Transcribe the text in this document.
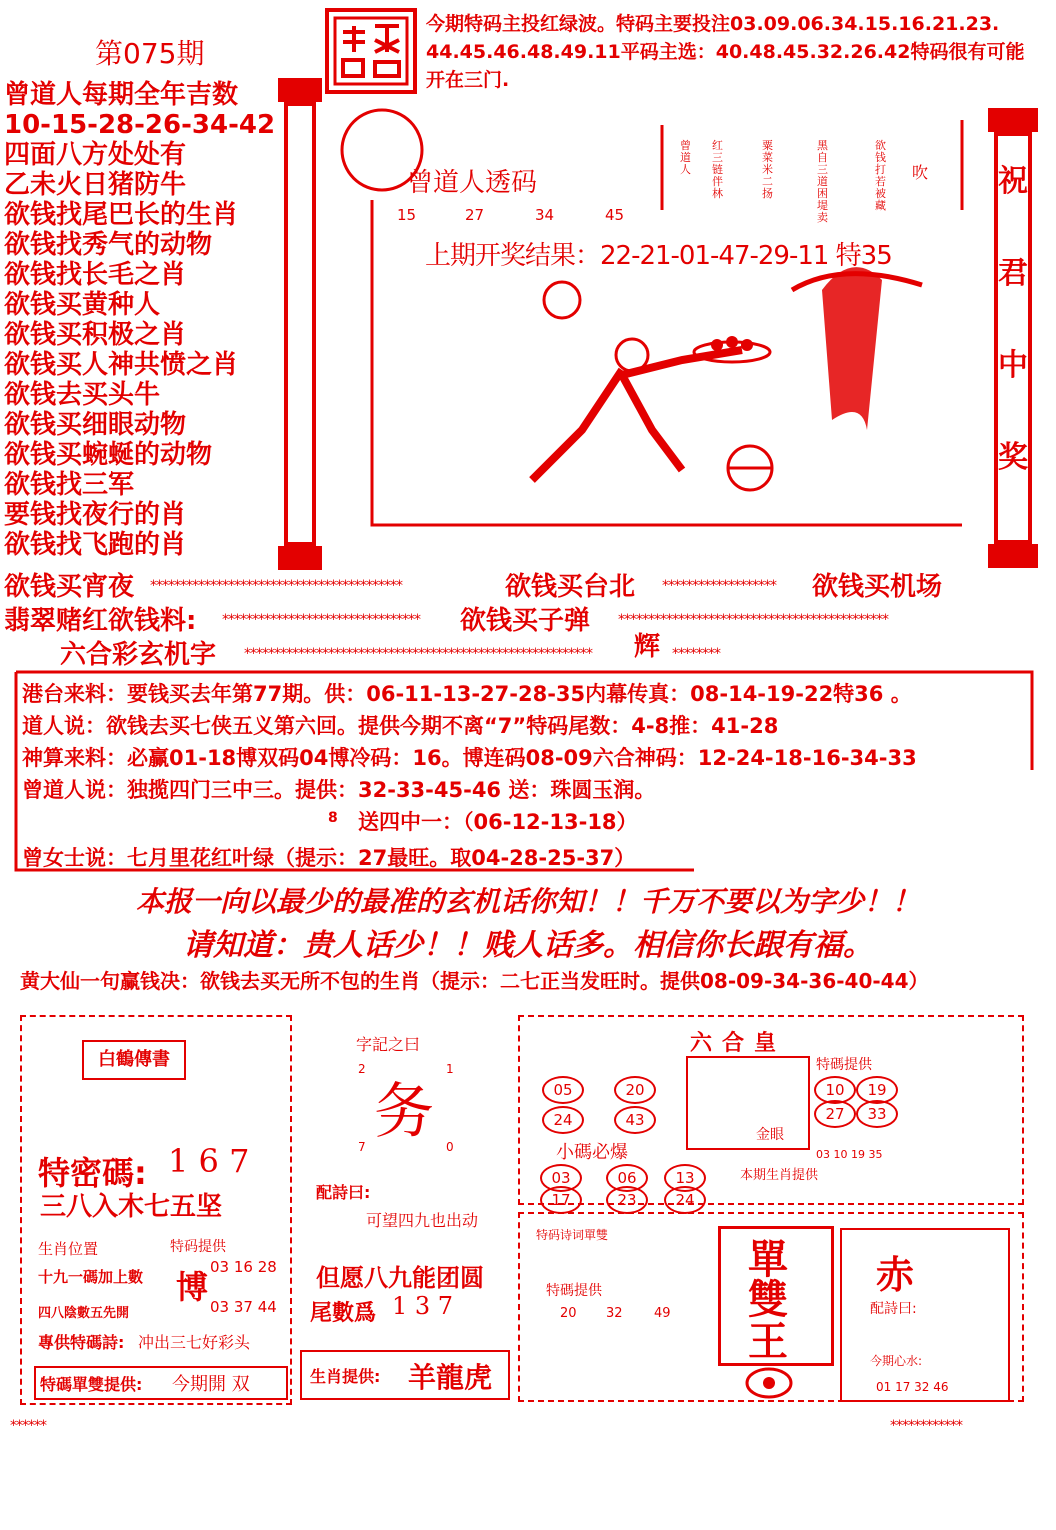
第075期
今期特码主投红绿波。特码主要投注03.09.06.34.15.16.21.23.
44.45.46.48.49.11平码主选：40.48.45.32.26.42特码很有可能
开在三门.
曾道人每期全年吉数
10-15-28-26-34-42
四面八方处处有
乙未火日猪防牛
欲钱找尾巴长的生肖
欲钱找秀气的动物
欲钱找长毛之肖
欲钱买黄种人
欲钱买积极之肖
欲钱买人神共愤之肖
欲钱去买头牛
欲钱买细眼动物
欲钱买蜿蜒的动物
欲钱找三军
要钱找夜行的肖
欲钱找飞跑的肖
曾道人透码
15	27	34	45
曾道人
红三链伴林
粟菜米二扬
黑自三道困堤卖
欲钱打若被藏
吹
上期开奖结果：22-21-01-47-29-11 特35
祝
君
中
奖
欲钱买宵夜 ******************************************	欲钱买台北 ******************* 欲钱买机场
翡翠赌红欲钱料: ********************************* 欲钱买子弹 *********************************************
六合彩玄机字 ********************************************************** 辉 ********
港台来料：要钱买去年第77期。供：06-11-13-27-28-35内幕传真：08-14-19-22特36 。
道人说：欲钱去买七侠五义第六回。提供今期不离“7”特码尾数：4-8推：41-28
神算来料：必赢01-18博双码04博冷码：16。博连码08-09六合神码：12-24-18-16-34-33
曾道人说：独揽四门三中三。提供：32-33-45-46 送：珠圆玉润。
8 送四中一：（06-12-13-18）
曾女士说：七月里花红叶绿（提示：27最旺。取04-28-25-37）
本报一向以最少的最准的玄机话你知！！千万不要以为字少！！
请知道：贵人话少！！贱人话多。相信你长跟有福。
黄大仙一句赢钱决：欲钱去买无所不包的生肖（提示：二七正当发旺时。提供08-09-34-36-40-44）
白鶴傳書
特密碼: 1 6 7
三八入木七五坚
生肖位置
十九一碼加上數
四八陰數五先開
特码提供
博
03 16 28
03 37 44
專供特碼詩: 冲出三七好彩头
特碼單雙提供: 今期開 双
字記之曰
2	1
7	0
务
配詩曰:
可望四九也出动
但愿八九能团圆
尾數爲 1 3 7
生肖提供: 羊龍虎
六合皇
05	20
24	43
小碼必爆
金眼
特碼提供
10	19
27	33
03 10 19 35
本期生肖提供
03	06	13
17	23	24
特码诗词單雙
特碼提供
20 32 49
單
雙
王
赤
配詩曰:
今期心水:
01 17 32 46
******	************
